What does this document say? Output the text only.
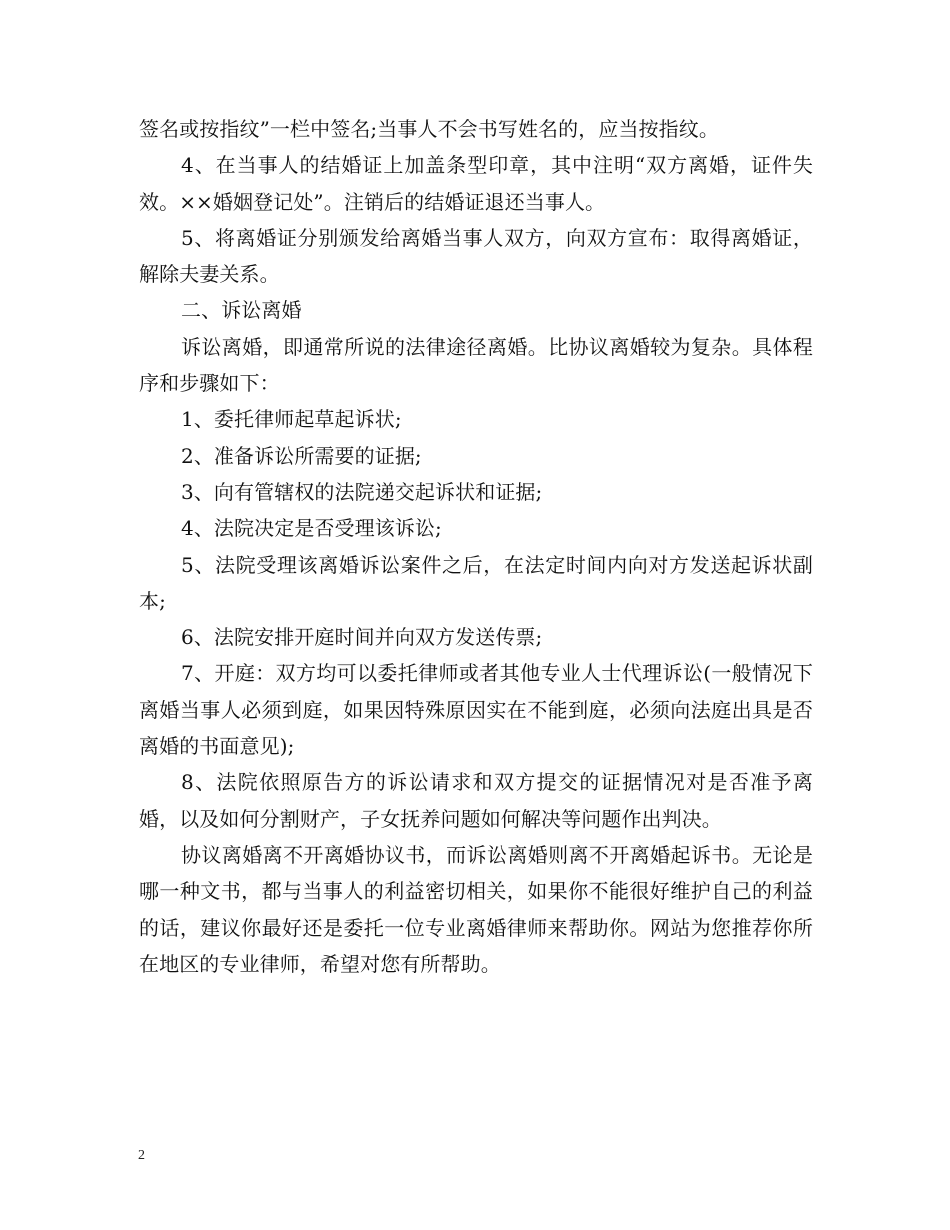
签名或按指纹”一栏中签名;当事人不会书写姓名的，应当按指纹。

4、在当事人的结婚证上加盖条型印章，其中注明“双方离婚，证件失效。××婚姻登记处”。注销后的结婚证退还当事人。

5、将离婚证分别颁发给离婚当事人双方，向双方宣布：取得离婚证，解除夫妻关系。

二、诉讼离婚

诉讼离婚，即通常所说的法律途径离婚。比协议离婚较为复杂。具体程序和步骤如下：

1、委托律师起草起诉状;

2、准备诉讼所需要的证据;

3、向有管辖权的法院递交起诉状和证据;

4、法院决定是否受理该诉讼;

5、法院受理该离婚诉讼案件之后，在法定时间内向对方发送起诉状副本;

6、法院安排开庭时间并向双方发送传票;

7、开庭：双方均可以委托律师或者其他专业人士代理诉讼(一般情况下离婚当事人必须到庭，如果因特殊原因实在不能到庭，必须向法庭出具是否离婚的书面意见);

8、法院依照原告方的诉讼请求和双方提交的证据情况对是否准予离婚，以及如何分割财产，子女抚养问题如何解决等问题作出判决。

协议离婚离不开离婚协议书，而诉讼离婚则离不开离婚起诉书。无论是哪一种文书，都与当事人的利益密切相关，如果你不能很好维护自己的利益的话，建议你最好还是委托一位专业离婚律师来帮助你。网站为您推荐你所在地区的专业律师，希望对您有所帮助。

2
